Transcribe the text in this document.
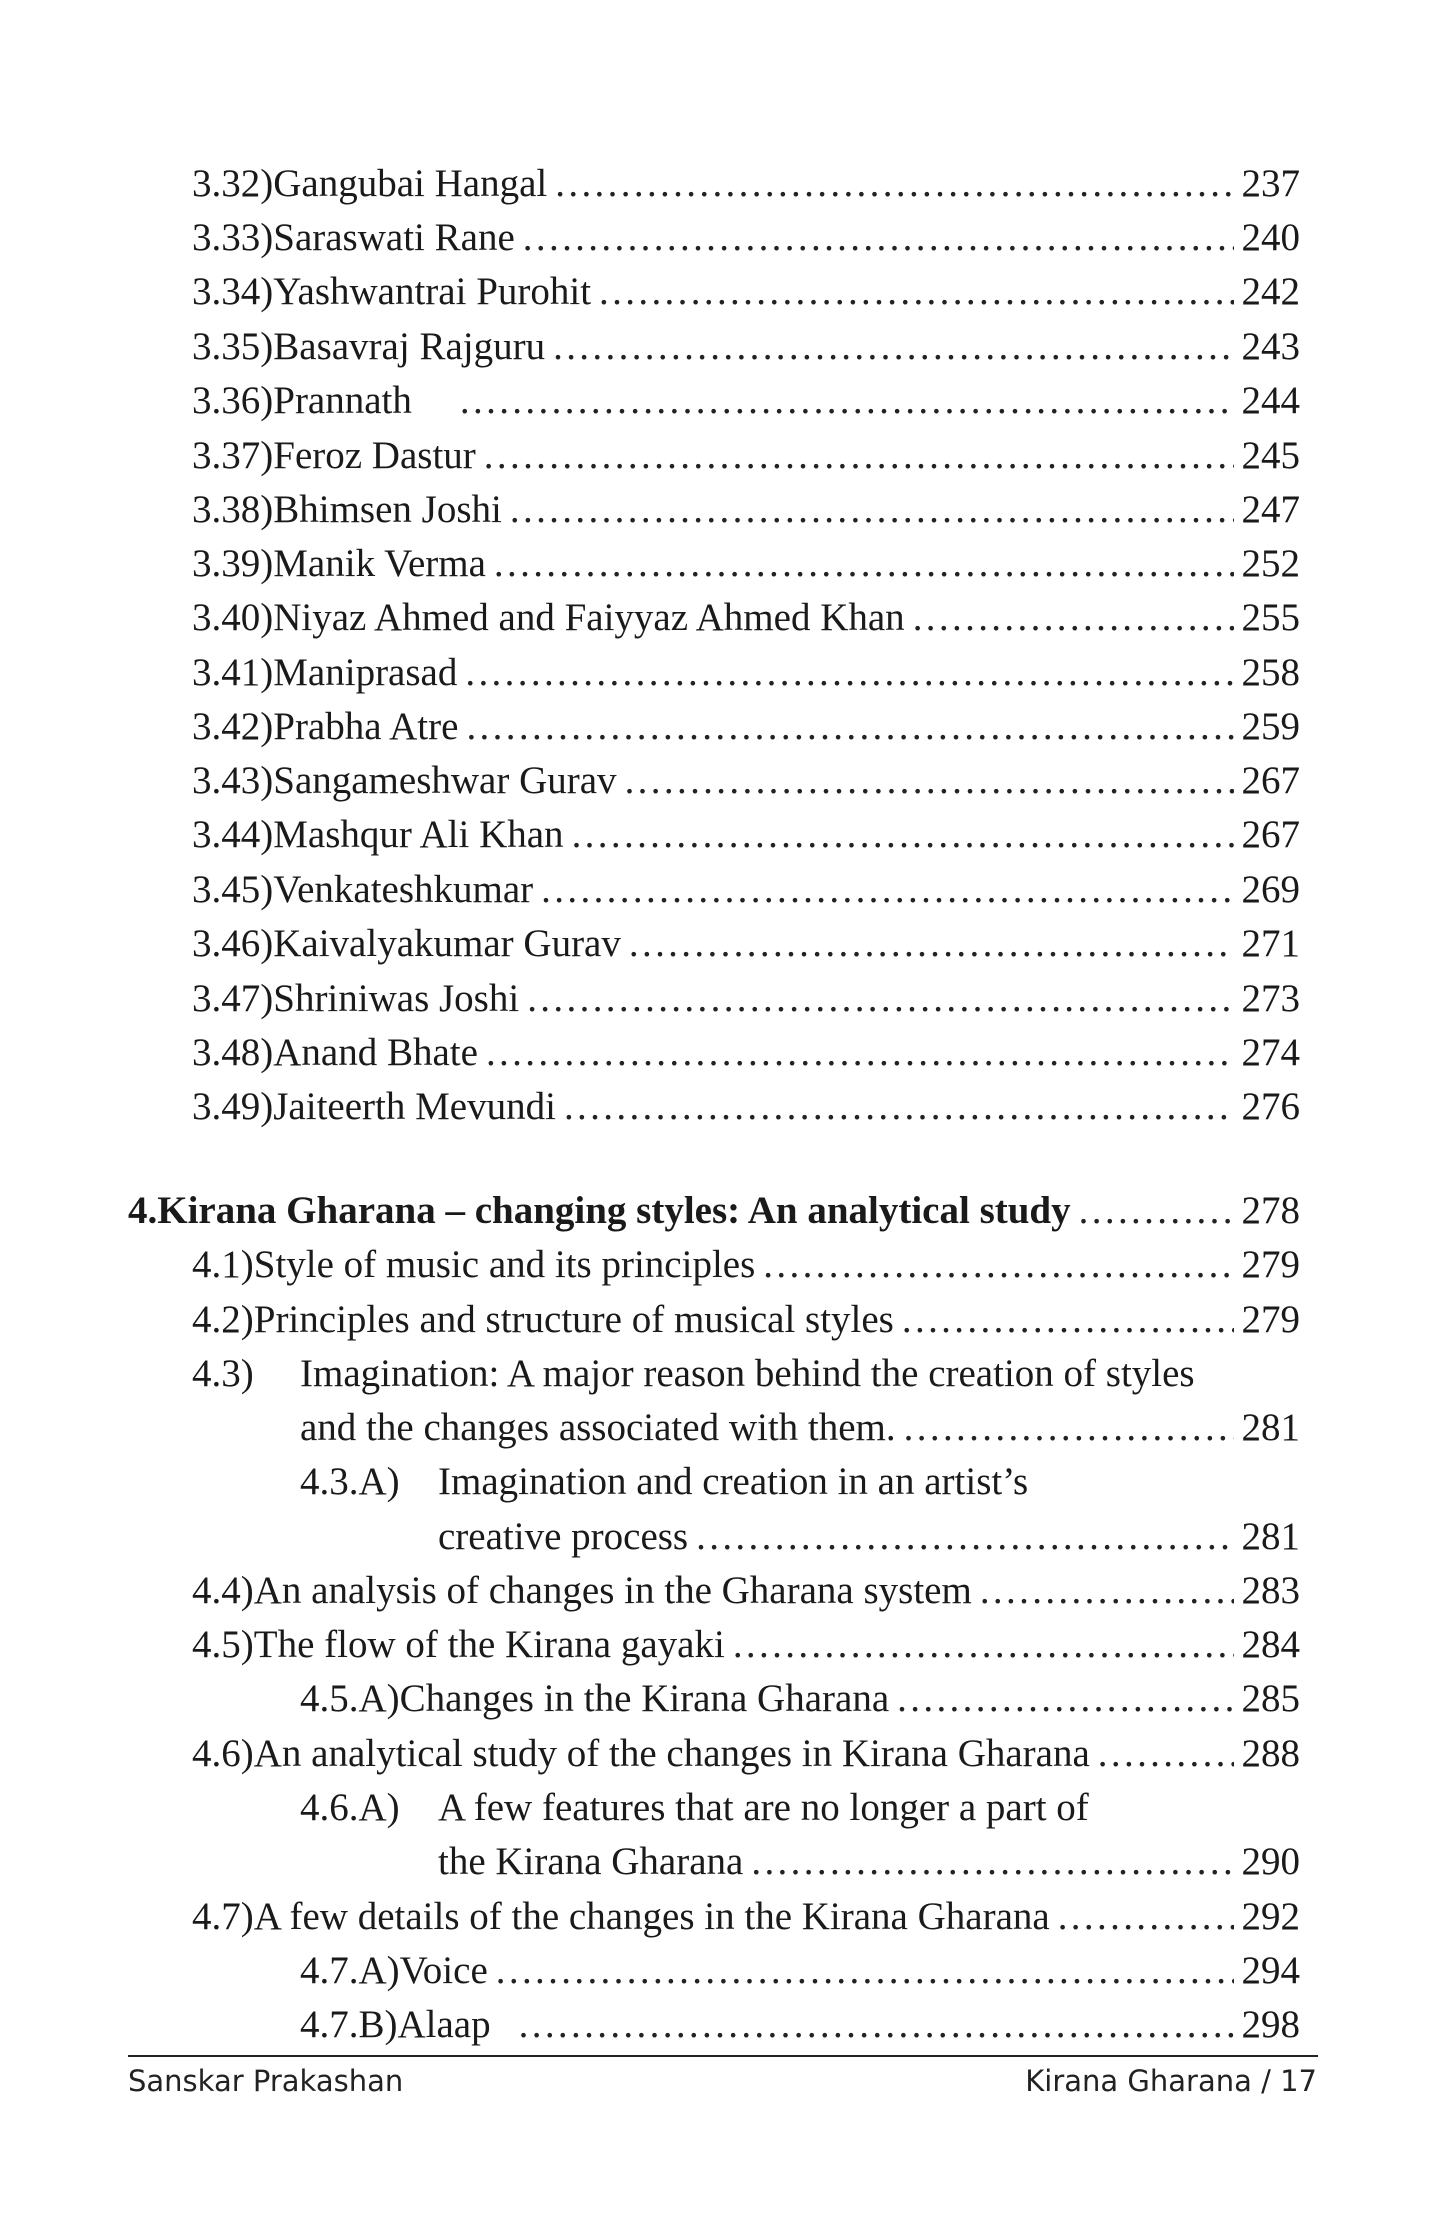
3.32) Gangubai Hangal . . .	237
3.33) Saraswati Rane . . .	240
3.34) Yashwantrai Purohit . . .	242
3.35) Basavraj Rajguru . . .	243
3.36) Prannath . . .	244
3.37) Feroz Dastur . . .	245
3.38) Bhimsen Joshi . . .	247
3.39) Manik Verma . . .	252
3.40) Niyaz Ahmed and Faiyyaz Ahmed Khan . . .	255
3.41) Maniprasad . . .	258
3.42) Prabha Atre . . .	259
3.43) Sangameshwar Gurav . . .	267
3.44) Mashqur Ali Khan . . .	267
3.45) Venkateshkumar . . .	269
3.46) Kaivalyakumar Gurav . . .	271
3.47) Shriniwas Joshi . . .	273
3.48) Anand Bhate . . .	274
3.49) Jaiteerth Mevundi . . .	276
4. Kirana Gharana – changing styles: An analytical study . . .	278
4.1) Style of music and its principles . . .	279
4.2) Principles and structure of musical styles . . .	279
4.3) Imagination: A major reason behind the creation of styles
and the changes associated with them. . . .	281
4.3.A) Imagination and creation in an artist’s
creative process . . .	281
4.4) An analysis of changes in the Gharana system . . .	283
4.5) The flow of the Kirana gayaki . . .	284
4.5.A) Changes in the Kirana Gharana . . .	285
4.6) An analytical study of the changes in Kirana Gharana . . .	288
4.6.A) A few features that are no longer a part of
the Kirana Gharana . . .	290
4.7) A few details of the changes in the Kirana Gharana . . .	292
4.7.A) Voice . . .	294
4.7.B) Alaap . . .	298
Sanskar Prakashan	Kirana Gharana / 17
